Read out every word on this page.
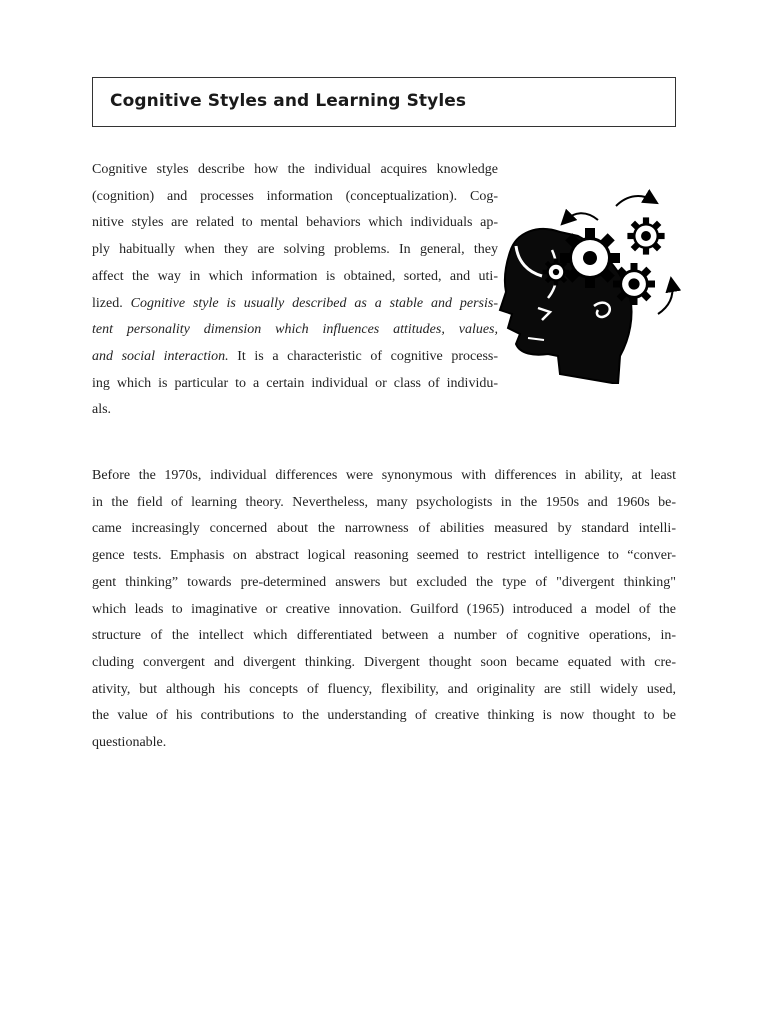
Cognitive Styles and Learning Styles

Cognitive styles describe how the individual acquires knowledge
(cognition) and processes information (conceptualization). Cog-
nitive styles are related to mental behaviors which individuals ap-
ply habitually when they are solving problems. In general, they
affect the way in which information is obtained, sorted, and uti-
lized. Cognitive style is usually described as a stable and persis-
tent personality dimension which influences attitudes, values,
and social interaction. It is a characteristic of cognitive process-
ing which is particular to a certain individual or class of individu-
als.

Before the 1970s, individual differences were synonymous with differences in ability, at least
in the field of learning theory. Nevertheless, many psychologists in the 1950s and 1960s be-
came increasingly concerned about the narrowness of abilities measured by standard intelli-
gence tests. Emphasis on abstract logical reasoning seemed to restrict intelligence to “conver-
gent thinking” towards pre-determined answers but excluded the type of "divergent thinking"
which leads to imaginative or creative innovation. Guilford (1965) introduced a model of the
structure of the intellect which differentiated between a number of cognitive operations, in-
cluding convergent and divergent thinking. Divergent thought soon became equated with cre-
ativity, but although his concepts of fluency, flexibility, and originality are still widely used,
the value of his contributions to the understanding of creative thinking is now thought to be
questionable.
